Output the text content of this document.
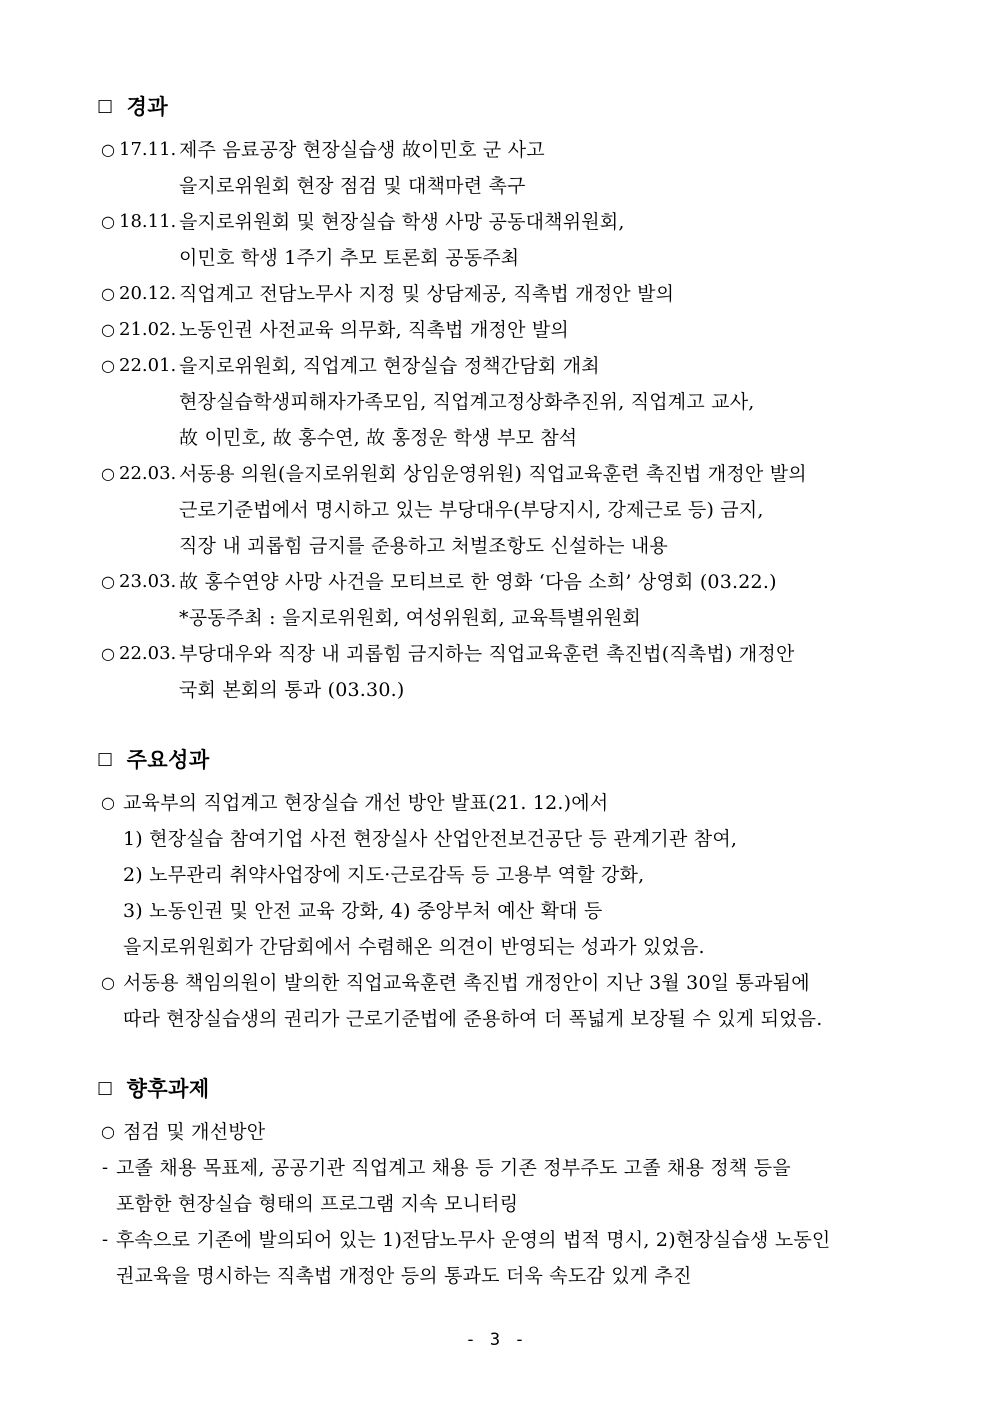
□ 경과
○ 17.11. 제주 음료공장 현장실습생 故이민호 군 사고
을지로위원회 현장 점검 및 대책마련 촉구
○ 18.11. 을지로위원회 및 현장실습 학생 사망 공동대책위원회,
이민호 학생 1주기 추모 토론회 공동주최
○ 20.12. 직업계고 전담노무사 지정 및 상담제공, 직촉법 개정안 발의
○ 21.02. 노동인권 사전교육 의무화, 직촉법 개정안 발의
○ 22.01. 을지로위원회, 직업계고 현장실습 정책간담회 개최
현장실습학생피해자가족모임, 직업계고정상화추진위, 직업계고 교사,
故 이민호, 故 홍수연, 故 홍정운 학생 부모 참석
○ 22.03. 서동용 의원(을지로위원회 상임운영위원) 직업교육훈련 촉진법 개정안 발의
근로기준법에서 명시하고 있는 부당대우(부당지시, 강제근로 등) 금지,
직장 내 괴롭힘 금지를 준용하고 처벌조항도 신설하는 내용
○ 23.03. 故 홍수연양 사망 사건을 모티브로 한 영화 ‘다음 소희’ 상영회 (03.22.)
*공동주최 : 을지로위원회, 여성위원회, 교육특별위원회
○ 22.03. 부당대우와 직장 내 괴롭힘 금지하는 직업교육훈련 촉진법(직촉법) 개정안
국회 본회의 통과 (03.30.)
□ 주요성과
○ 교육부의 직업계고 현장실습 개선 방안 발표(21. 12.)에서
1) 현장실습 참여기업 사전 현장실사 산업안전보건공단 등 관계기관 참여,
2) 노무관리 취약사업장에 지도·근로감독 등 고용부 역할 강화,
3) 노동인권 및 안전 교육 강화, 4) 중앙부처 예산 확대 등
을지로위원회가 간담회에서 수렴해온 의견이 반영되는 성과가 있었음.
○ 서동용 책임의원이 발의한 직업교육훈련 촉진법 개정안이 지난 3월 30일 통과됨에
따라 현장실습생의 권리가 근로기준법에 준용하여 더 폭넓게 보장될 수 있게 되었음.
□ 향후과제
○ 점검 및 개선방안
- 고졸 채용 목표제, 공공기관 직업계고 채용 등 기존 정부주도 고졸 채용 정책 등을
포함한 현장실습 형태의 프로그램 지속 모니터링
- 후속으로 기존에 발의되어 있는 1)전담노무사 운영의 법적 명시, 2)현장실습생 노동인
권교육을 명시하는 직촉법 개정안 등의 통과도 더욱 속도감 있게 추진
- 3 -
